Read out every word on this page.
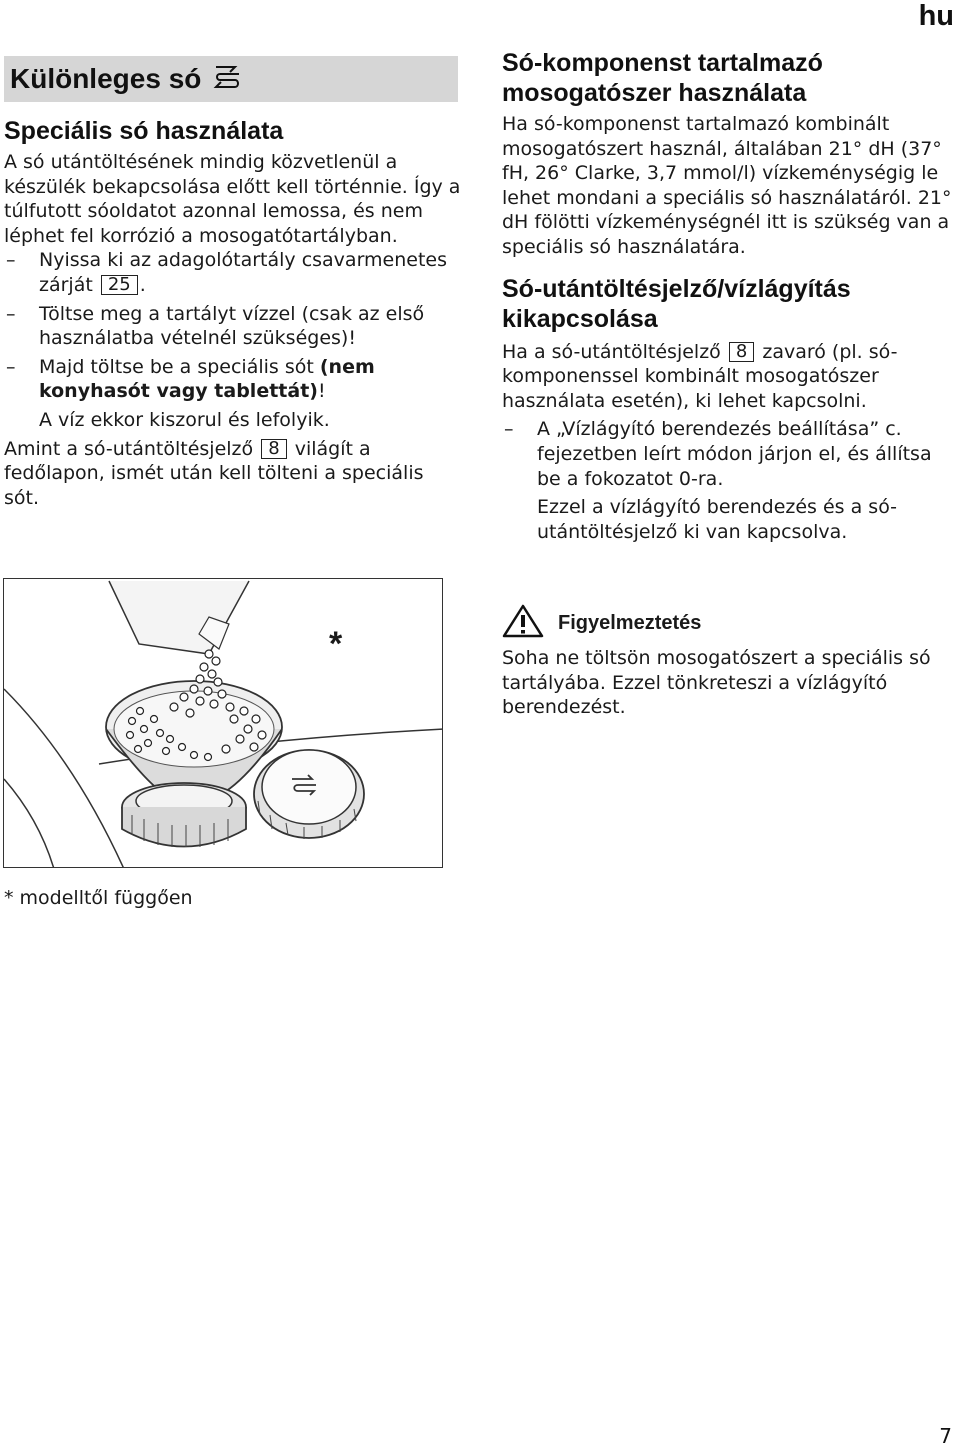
hu
Különleges só
Speciális só használata

A só utántöltésének mindig közvetlenül a készülék bekapcsolása előtt kell történnie. Így a túlfutott sóoldatot azonnal lemossa, és nem léphet fel korrózió a mosogatótartályban.

– Nyissa ki az adagolótartály csavarmenetes zárját 25 .

– Töltse meg a tartályt vízzel (csak az első használatba vételnél szükséges)!

– Majd töltse be a speciális sót (nem konyhasót vagy tablettát)!

A víz ekkor kiszorul és lefolyik.

Amint a só-utántöltésjelző 8 világít a fedőlapon, ismét után kell tölteni a speciális sót.

*
* modelltől függően
Só-komponenst tartalmazó mosogatószer használata

Ha só-komponenst tartalmazó kombinált mosogatószert használ, általában 21° dH (37° fH, 26° Clarke, 3,7 mmol/l) vízkeménységig le lehet mondani a speciális só használatáról. 21° dH fölötti vízkeménységnél itt is szükség van a speciális só használatára.

Só-utántöltésjelző/vízlágyítás kikapcsolása

Ha a só-utántöltésjelző 8 zavaró (pl. só-komponenssel kombinált mosogatószer használata esetén), ki lehet kapcsolni.

– A „Vízlágyító berendezés beállítása” c. fejezetben leírt módon járjon el, és állítsa be a fokozatot 0-ra.

Ezzel a vízlágyító berendezés és a só-utántöltésjelző ki van kapcsolva.

Figyelmeztetés

Soha ne töltsön mosogatószert a speciális só tartályába. Ezzel tönkreteszi a vízlágyító berendezést.

7
